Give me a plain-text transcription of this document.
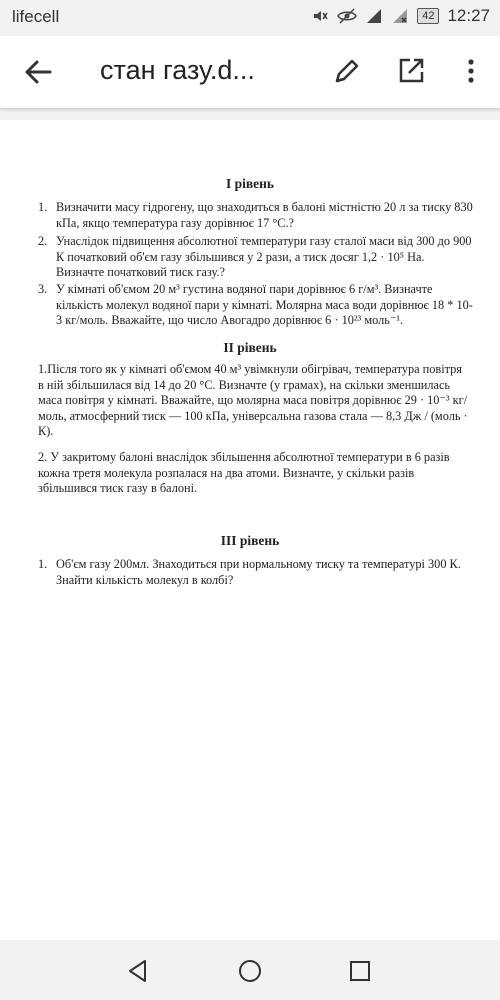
lifecell	42 12:27
стан газу.d...
І рівень
1. Визначити масу гідрогену, що знаходиться в балоні містністю 20 л за тиску 830 кПа, якщо температура газу дорівнює 17 °С.?
2. Унаслідок підвищення абсолютної температури газу сталої маси від 300 до 900 К початковий об'єм газу збільшився у 2 рази, а тиск досяг 1,2 · 10⁵ На. Визначте початковий тиск газу.?
3. У кімнаті об'ємом 20 м³ густина водяної пари дорівнює 6 г/м³. Визначте кількість молекул водяної пари у кімнаті. Молярна маса води дорівнює 18 * 10-3 кг/моль. Вважайте, що число Авогадро дорівнює 6 · 10²³ моль⁻¹.
ІІ рівень
1.Після того як у кімнаті об'ємом 40 м³ увімкнули обігрівач, температура повітря в ній збільшилася від 14 до 20 °С. Визначте (у грамах), на скільки зменшилась маса повітря у кімнаті. Вважайте, що молярна маса повітря дорівнює 29 · 10⁻³ кг/моль, атмосферний тиск — 100 кПа, універсальна газова стала — 8,3 Дж / (моль · К).
2. У закритому балоні внаслідок збільшення абсолютної температури в 6 разів кожна третя молекула розпалася на два атоми. Визначте, у скільки разів збільшився тиск газу в балоні.
ІІІ рівень
1. Об'єм газу 200мл. Знаходиться при нормальному тиску та температурі 300 К. Знайти кількість молекул в колбі?
